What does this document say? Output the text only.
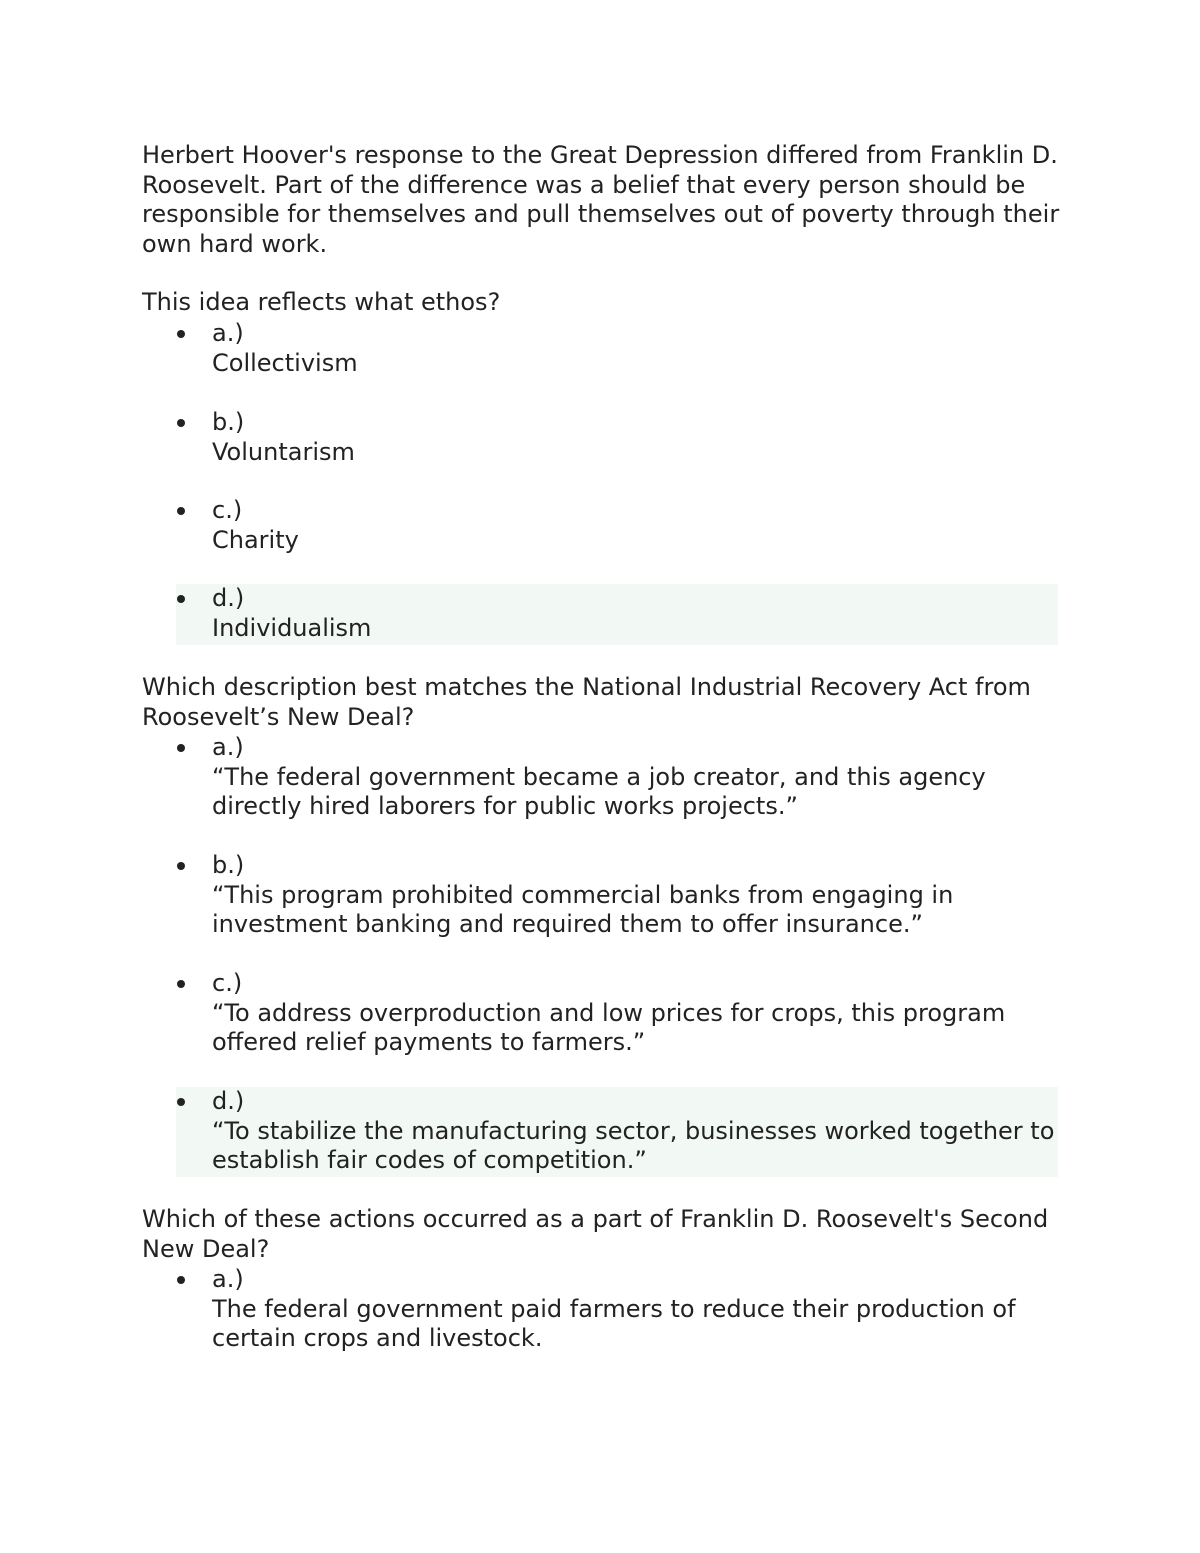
Herbert Hoover's response to the Great Depression differed from Franklin D. Roosevelt. Part of the difference was a belief that every person should be responsible for themselves and pull themselves out of poverty through their own hard work.

This idea reflects what ethos?

a.)
Collectivism
b.)
Voluntarism
c.)
Charity
d.)
Individualism

Which description best matches the National Industrial Recovery Act from Roosevelt’s New Deal?

a.)
“The federal government became a job creator, and this agency directly hired laborers for public works projects.”
b.)
“This program prohibited commercial banks from engaging in investment banking and required them to offer insurance.”
c.)
“To address overproduction and low prices for crops, this program offered relief payments to farmers.”
d.)
“To stabilize the manufacturing sector, businesses worked together to establish fair codes of competition.”

Which of these actions occurred as a part of Franklin D. Roosevelt's Second New Deal?

a.)
The federal government paid farmers to reduce their production of certain crops and livestock.
